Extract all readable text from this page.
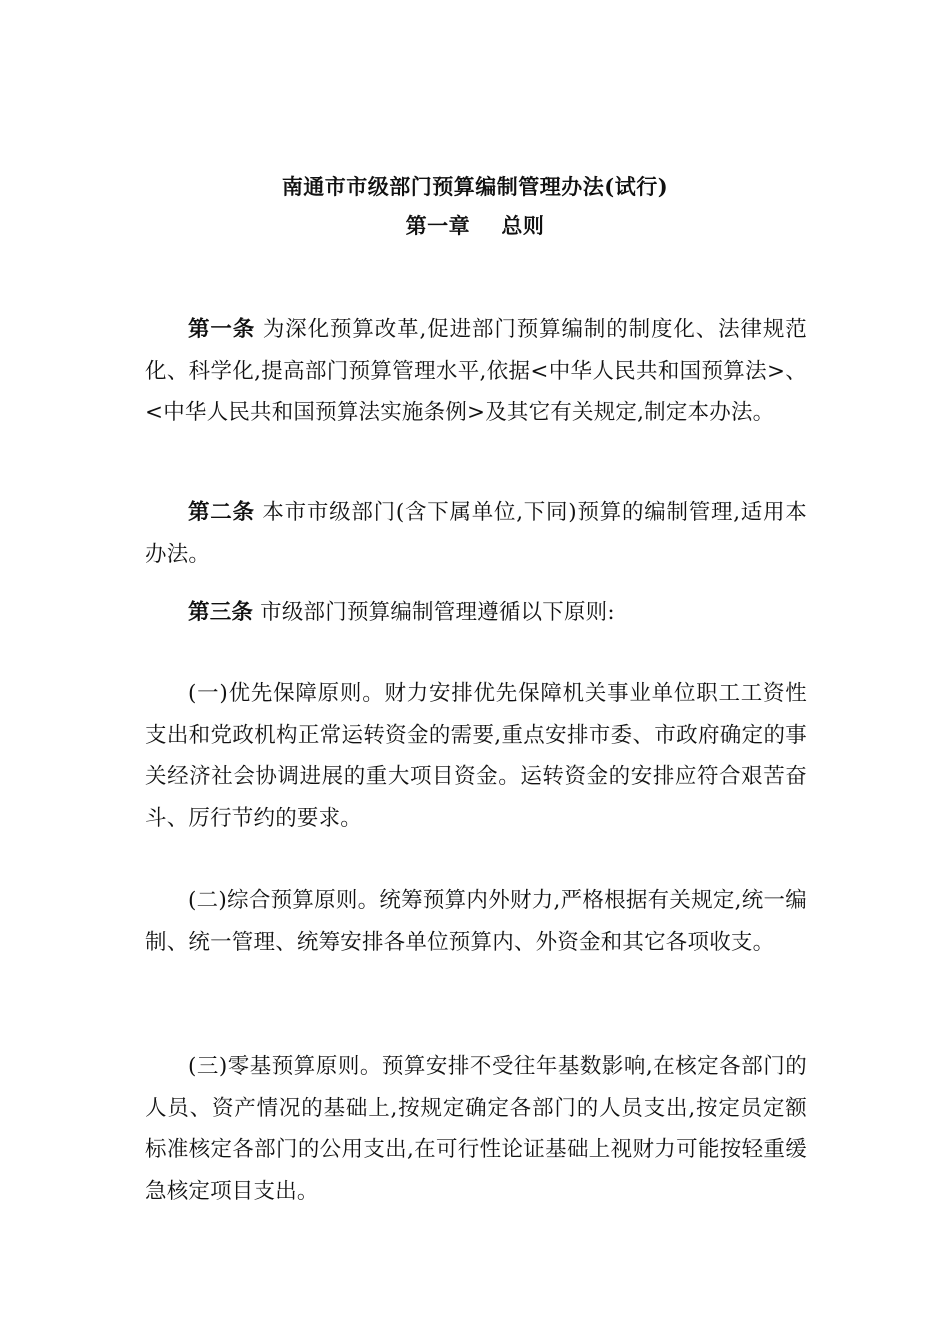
南通市市级部门预算编制管理办法(试行)
第一章    总则

第一条 为深化预算改革,促进部门预算编制的制度化、法律规范化、科学化,提高部门预算管理水平,依据<中华人民共和国预算法>、<中华人民共和国预算法实施条例>及其它有关规定,制定本办法。

第二条 本市市级部门(含下属单位,下同)预算的编制管理,适用本办法。

第三条 市级部门预算编制管理遵循以下原则:

(一)优先保障原则。财力安排优先保障机关事业单位职工工资性支出和党政机构正常运转资金的需要,重点安排市委、市政府确定的事关经济社会协调进展的重大项目资金。运转资金的安排应符合艰苦奋斗、厉行节约的要求。

(二)综合预算原则。统筹预算内外财力,严格根据有关规定,统一编制、统一管理、统筹安排各单位预算内、外资金和其它各项收支。

(三)零基预算原则。预算安排不受往年基数影响,在核定各部门的人员、资产情况的基础上,按规定确定各部门的人员支出,按定员定额标准核定各部门的公用支出,在可行性论证基础上视财力可能按轻重缓急核定项目支出。
